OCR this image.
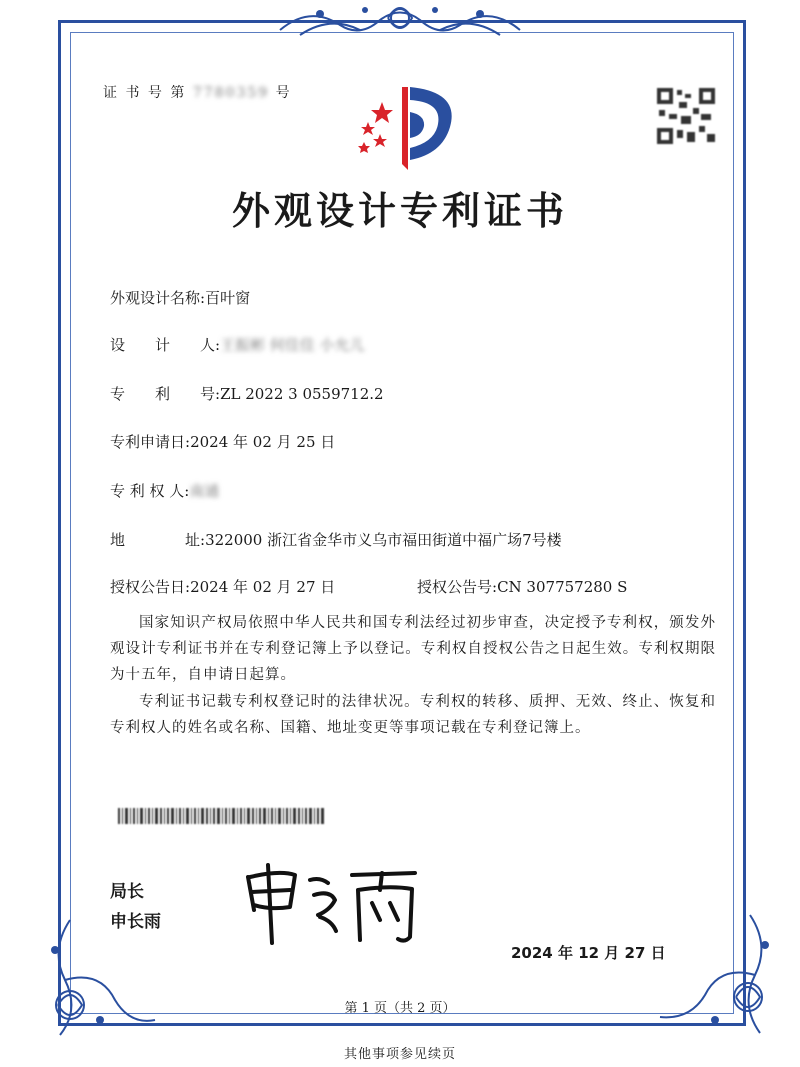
证 书 号 第 7780359 号
外观设计专利证书
外观设计名称:百叶窗
设　　计　　人:王振彬 何佳佳 小允儿
专　　利　　号:ZL 2022 3 0559712.2
专利申请日:2024 年 02 月 25 日
专 利 权 人:南通
地　　　　址:322000 浙江省金华市义乌市福田街道中福广场7号楼
授权公告日:2024 年 02 月 27 日	授权公告号:CN 307757280 S
国家知识产权局依照中华人民共和国专利法经过初步审查，决定授予专利权，颁发外观设计专利证书并在专利登记簿上予以登记。专利权自授权公告之日起生效。专利权期限为十五年，自申请日起算。
专利证书记载专利权登记时的法律状况。专利权的转移、质押、无效、终止、恢复和专利权人的姓名或名称、国籍、地址变更等事项记载在专利登记簿上。
局长
申长雨
2024 年 12 月 27 日
第 1 页（共 2 页）
其他事项参见续页
